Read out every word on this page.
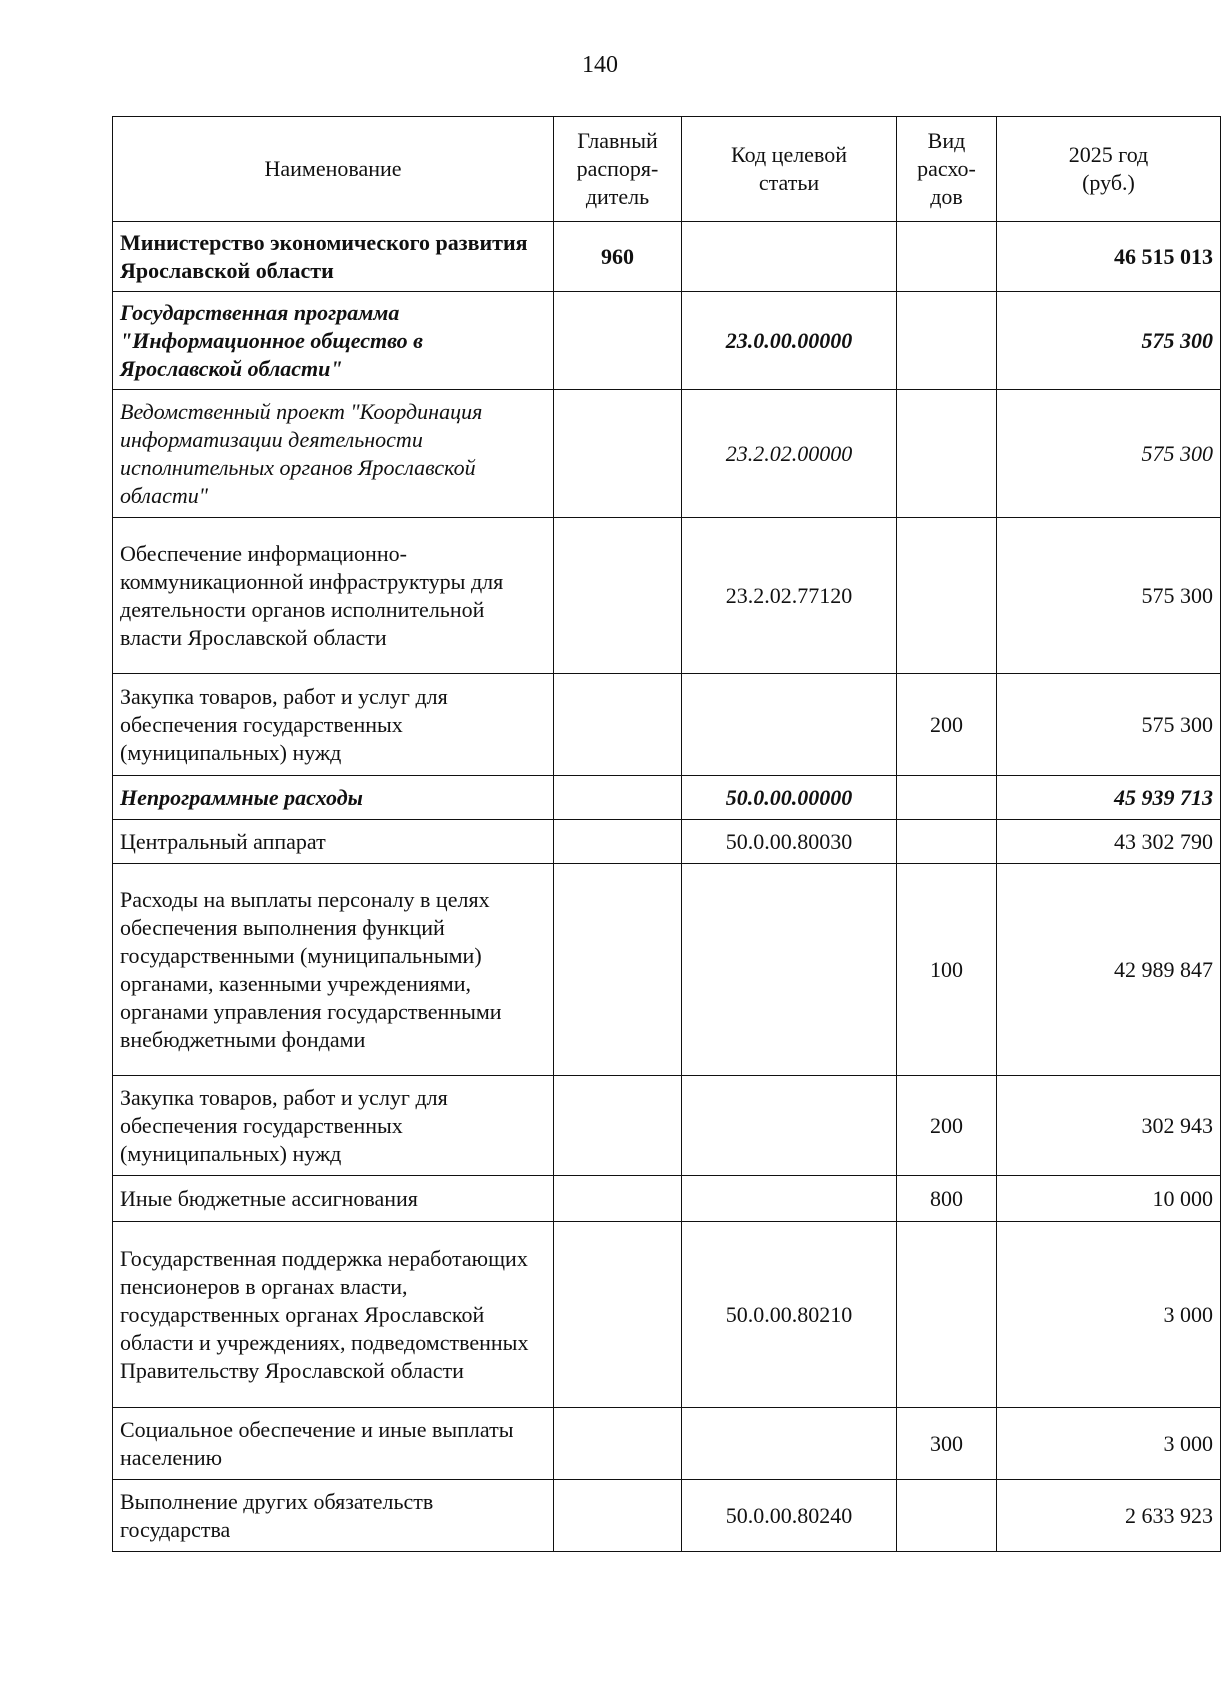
140
Наименование	Главный
распоря-
дитель	Код целевой
статьи	Вид
расхо-
дов	2025 год
(руб.)
Министерство экономического развития Ярославской области	960			46 515 013
Государственная программа "Информационное общество в Ярославской области"		23.0.00.00000		575 300
Ведомственный проект "Координация информатизации деятельности исполнительных органов Ярославской области"		23.2.02.00000		575 300
Обеспечение информационно-коммуникационной инфраструктуры для деятельности органов исполнительной власти Ярославской области		23.2.02.77120		575 300
Закупка товаров, работ и услуг для обеспечения государственных (муниципальных) нужд			200	575 300
Непрограммные расходы		50.0.00.00000		45 939 713
Центральный аппарат		50.0.00.80030		43 302 790
Расходы на выплаты персоналу в целях обеспечения выполнения функций государственными (муниципальными) органами, казенными учреждениями, органами управления государственными внебюджетными фондами			100	42 989 847
Закупка товаров, работ и услуг для обеспечения государственных (муниципальных) нужд			200	302 943
Иные бюджетные ассигнования			800	10 000
Государственная поддержка неработающих пенсионеров в органах власти, государственных органах Ярославской области и учреждениях, подведомственных Правительству Ярославской области		50.0.00.80210		3 000
Социальное обеспечение и иные выплаты населению			300	3 000
Выполнение других обязательств государства		50.0.00.80240		2 633 923
